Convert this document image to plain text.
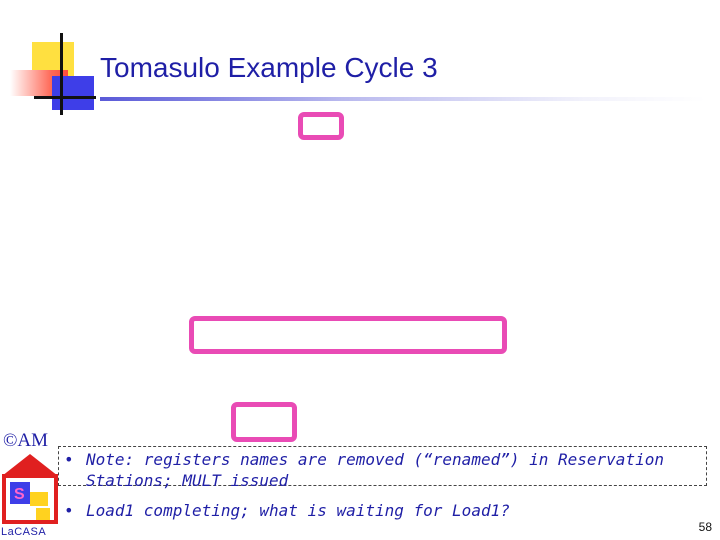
Tomasulo Example Cycle 3
©AM
S
LaCASA
• Note: registers names are removed (“renamed”) in Reservation
Stations; MULT issued
• Load1 completing; what is waiting for Load1?
58
